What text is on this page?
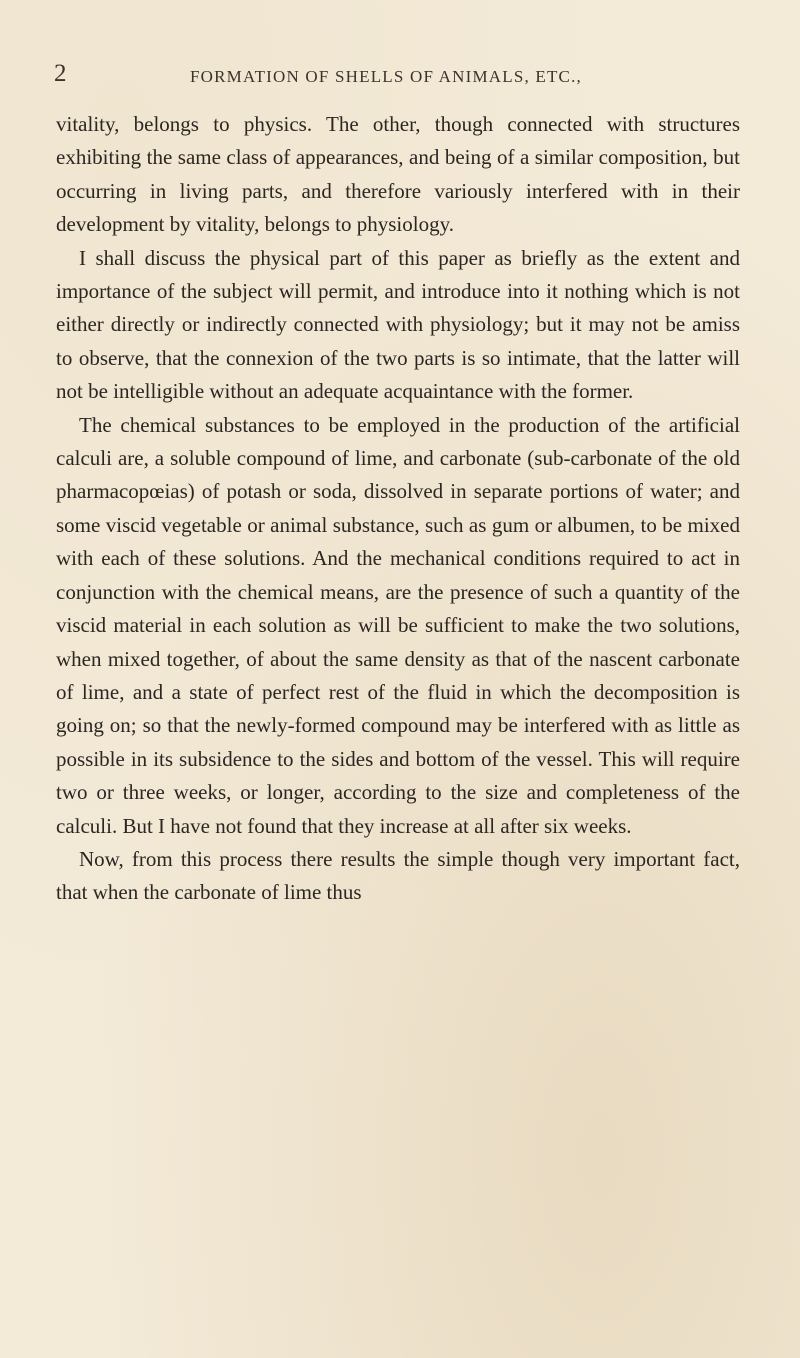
2	FORMATION OF SHELLS OF ANIMALS, ETC.,

vitality, belongs to physics. The other, though connected with structures exhibiting the same class of appearances, and being of a similar composition, but occurring in living parts, and therefore variously interfered with in their development by vitality, belongs to physiology.

I shall discuss the physical part of this paper as briefly as the extent and importance of the subject will permit, and introduce into it nothing which is not either directly or indirectly connected with physiology; but it may not be amiss to observe, that the connexion of the two parts is so intimate, that the latter will not be intelligible without an adequate acquaintance with the former.

The chemical substances to be employed in the production of the artificial calculi are, a soluble compound of lime, and carbonate (sub-carbonate of the old pharmacopœias) of potash or soda, dissolved in separate portions of water; and some viscid vegetable or animal substance, such as gum or albumen, to be mixed with each of these solutions. And the mechanical conditions required to act in conjunction with the chemical means, are the presence of such a quantity of the viscid material in each solution as will be sufficient to make the two solutions, when mixed together, of about the same density as that of the nascent carbonate of lime, and a state of perfect rest of the fluid in which the decomposition is going on; so that the newly-formed compound may be interfered with as little as possible in its subsidence to the sides and bottom of the vessel. This will require two or three weeks, or longer, according to the size and completeness of the calculi. But I have not found that they increase at all after six weeks.

Now, from this process there results the simple though very important fact, that when the carbonate of lime thus
